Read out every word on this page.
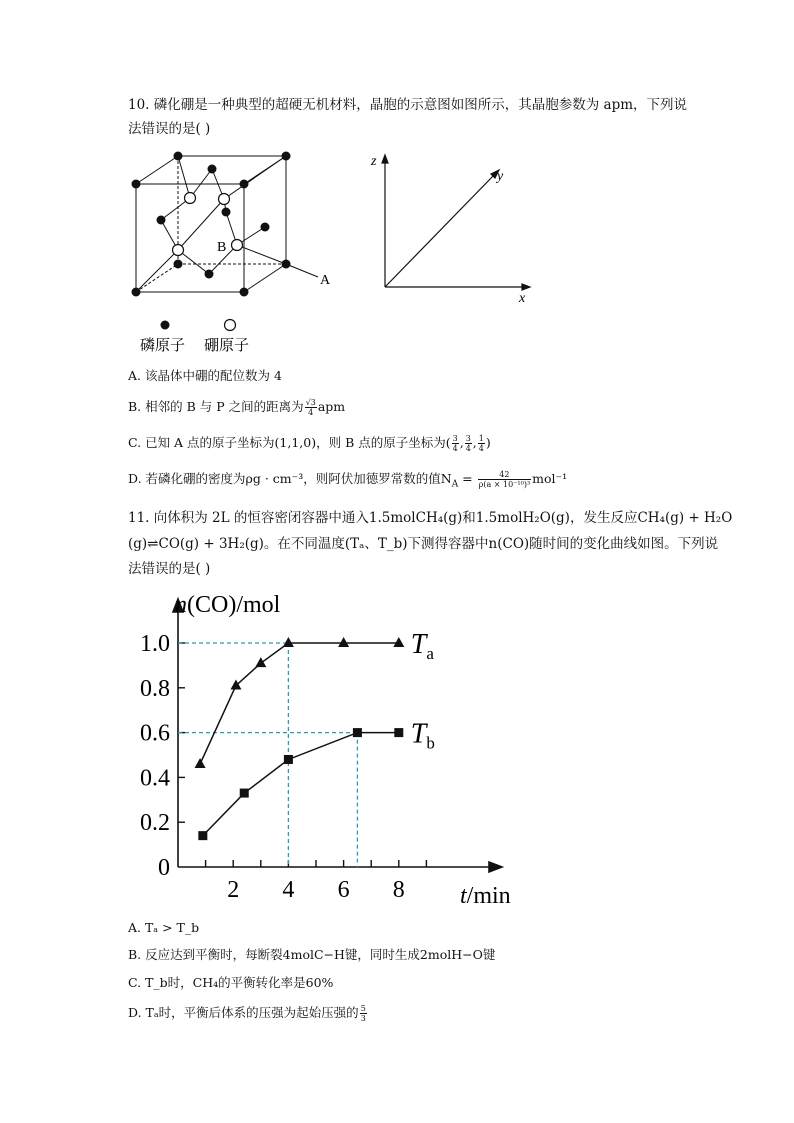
10. 磷化硼是一种典型的超硬无机材料，晶胞的示意图如图所示，其晶胞参数为 apm，下列说
法错误的是( )
B
A
磷原子 硼原子
z
y
x
A. 该晶体中硼的配位数为 4
B. 相邻的 B 与 P 之间的距离为 $\frac{√3}{4}$ apm
C. 已知 A 点的原子坐标为(1,1,0)，则 B 点的原子坐标为( $\frac{3}{4}$ , $\frac{3}{4}$ , $\frac{1}{4}$ )
D. 若磷化硼的密度为ρg · cm⁻³，则阿伏加德罗常数的值$N_A = \frac{42}{\text{ρ(a × 10⁻¹⁰)³}} mol^{-1}$
11. 向体积为 2L 的恒容密闭容器中通入1.5molCH₄(g)和1.5molH₂O(g)，发生反应CH₄(g) + H₂O
(g)⇌CO(g) + 3H₂(g)。在不同温度(Tₐ、T_b)下测得容器中n(CO)随时间的变化曲线如图。下列说
法错误的是( )
n(CO)/mol
t/min
0
0.2
0.4
0.6
0.8
1.0
2 4 6 8
$T_a$
$T_b$
A. Tₐ > T_b
B. 反应达到平衡时，每断裂4molC−H键，同时生成2molH−O键
C. T_b时，CH₄的平衡转化率是60%
D. Tₐ时，平衡后体系的压强为起始压强的 $\frac{5}{3}$
